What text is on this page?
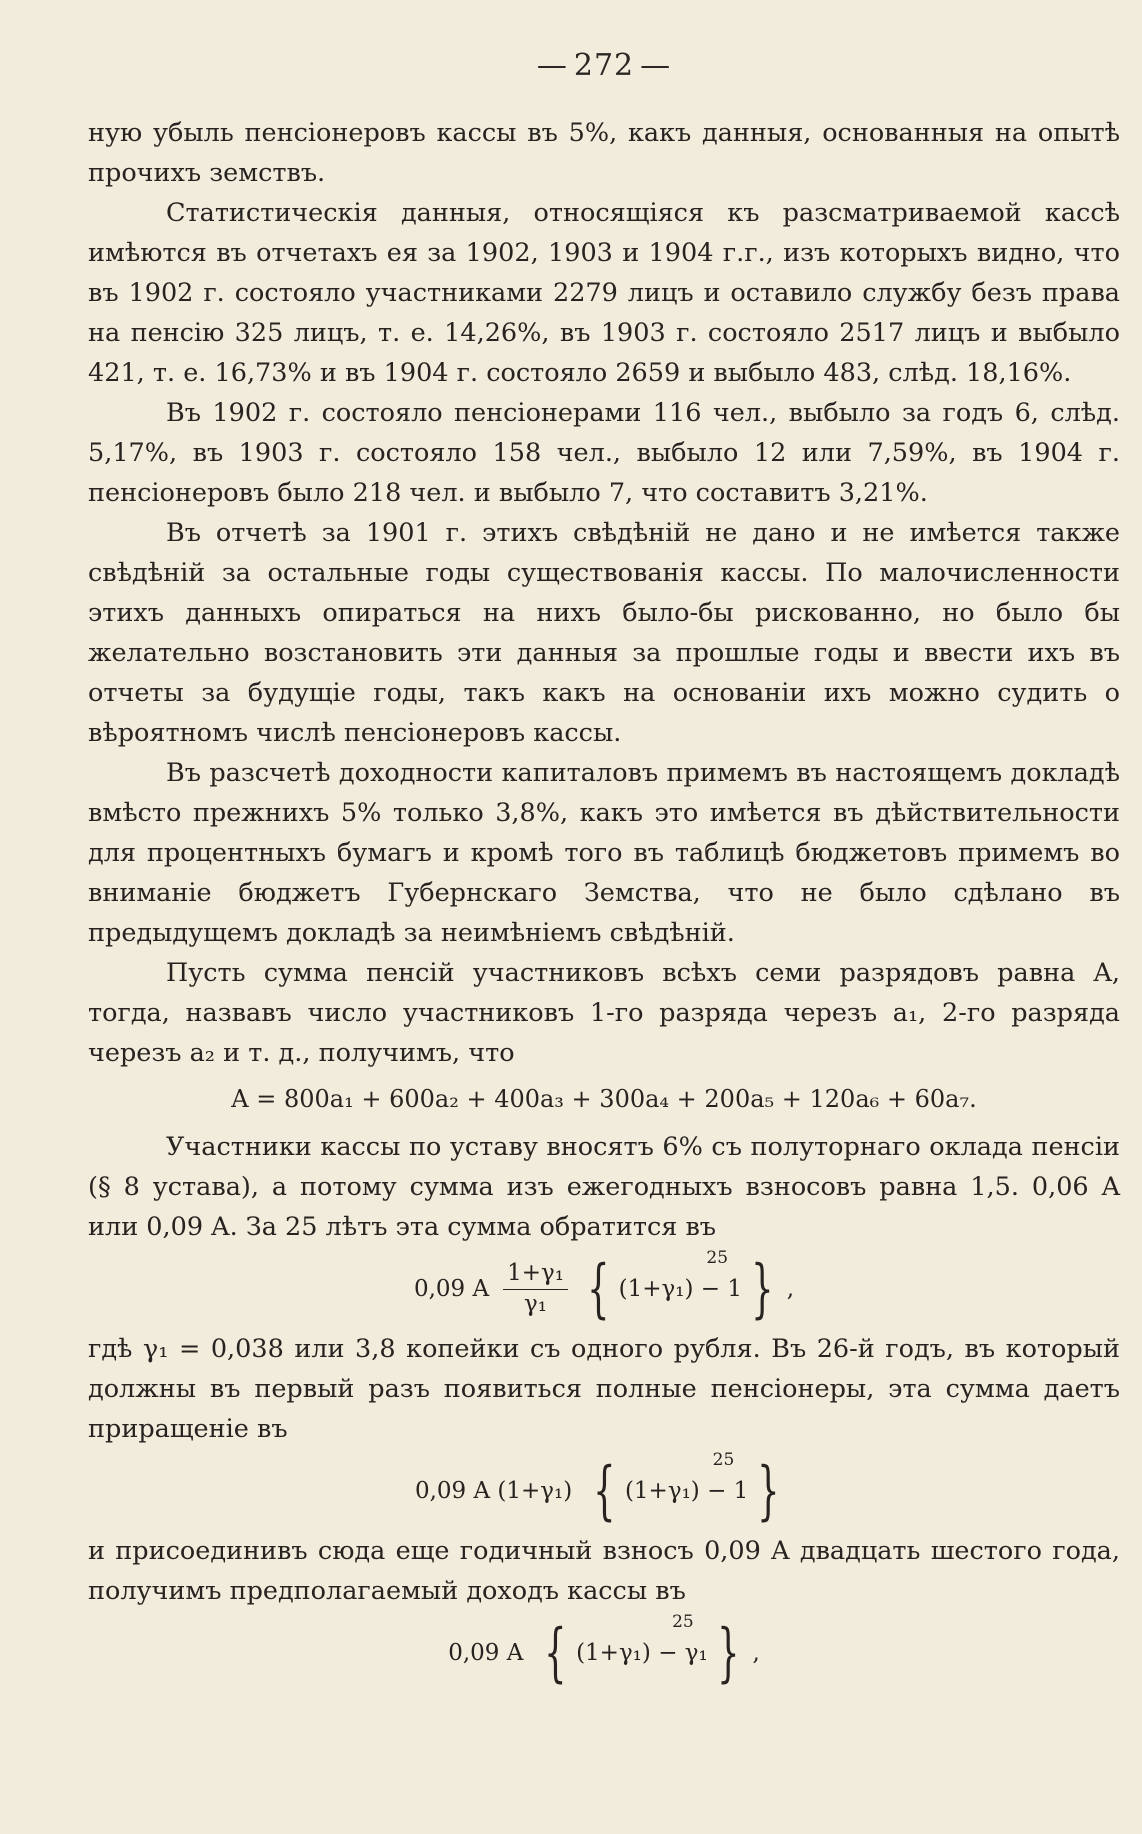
— 272 —

ную убыль пенсіонеровъ кассы въ 5%, какъ данныя, основанныя на опытѣ прочихъ земствъ.

Статистическія данныя, относящіяся къ разсматриваемой кассѣ имѣются въ отчетахъ ея за 1902, 1903 и 1904 г.г., изъ которыхъ видно, что въ 1902 г. состояло участниками 2279 лицъ и оставило службу безъ права на пенсію 325 лицъ, т. е. 14,26%, въ 1903 г. состояло 2517 лицъ и выбыло 421, т. е. 16,73% и въ 1904 г. состояло 2659 и выбыло 483, слѣд. 18,16%.

Въ 1902 г. состояло пенсіонерами 116 чел., выбыло за годъ 6, слѣд. 5,17%, въ 1903 г. состояло 158 чел., выбыло 12 или 7,59%, въ 1904 г. пенсіонеровъ было 218 чел. и выбыло 7, что составитъ 3,21%.

Въ отчетѣ за 1901 г. этихъ свѣдѣній не дано и не имѣется также свѣдѣній за остальные годы существованія кассы. По малочисленности этихъ данныхъ опираться на нихъ было-бы рискованно, но было бы желательно возстановить эти данныя за прошлые годы и ввести ихъ въ отчеты за будущіе годы, такъ какъ на основаніи ихъ можно судить о вѣроятномъ числѣ пенсіонеровъ кассы.

Въ разсчетѣ доходности капиталовъ примемъ въ настоящемъ докладѣ вмѣсто прежнихъ 5% только 3,8%, какъ это имѣется въ дѣйствительности для процентныхъ бумагъ и кромѣ того въ таблицѣ бюджетовъ примемъ во вниманіе бюджетъ Губернскаго Земства, что не было сдѣлано въ предыдущемъ докладѣ за неимѣніемъ свѣдѣній.

Пусть сумма пенсій участниковъ всѣхъ семи разрядовъ равна A, тогда, назвавъ число участниковъ 1-го разряда черезъ a₁, 2-го разряда черезъ a₂ и т. д., получимъ, что

A = 800a₁ + 600a₂ + 400a₃ + 300a₄ + 200a₅ + 120a₆ + 60a₇.

Участники кассы по уставу вносятъ 6% съ полуторнаго оклада пенсіи (§ 8 устава), а потому сумма изъ ежегодныхъ взносовъ равна 1,5. 0,06 A или 0,09 A. За 25 лѣтъ эта сумма обратится въ

0,09 A $\frac{\text{1+γ₁}}{\text{γ₁}}$ {	25
(1+γ₁) − 1 } ,

гдѣ γ₁ = 0,038 или 3,8 копейки съ одного рубля. Въ 26-й годъ, въ который должны въ первый разъ появиться полные пенсіонеры, эта сумма даетъ приращеніе въ

0,09 A (1+γ₁) {	25
(1+γ₁) − 1 }

и присоединивъ сюда еще годичный взносъ 0,09 A двадцать шестого года, получимъ предполагаемый доходъ кассы въ

0,09 A {	25
(1+γ₁) − γ₁ } ,
